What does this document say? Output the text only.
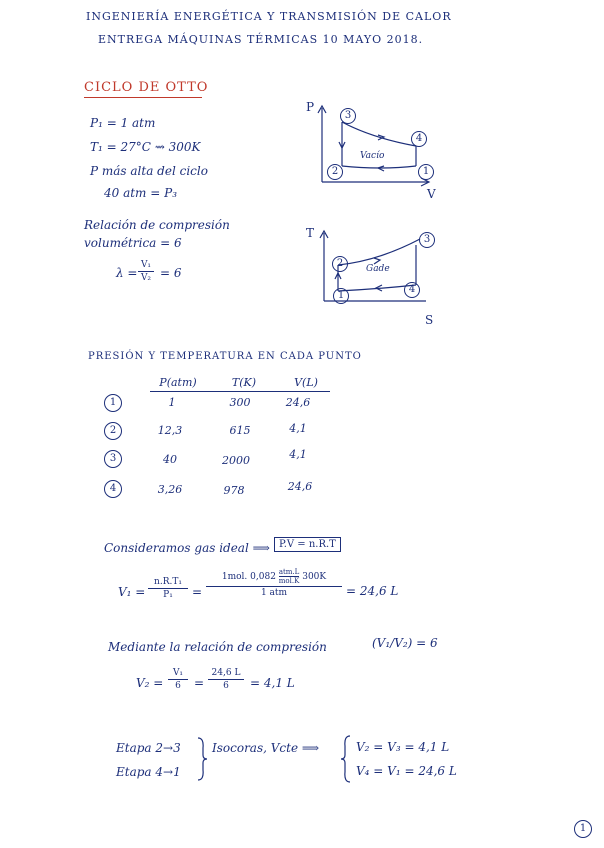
INGENIERÍA ENERGÉTICA Y TRANSMISIÓN DE CALOR
ENTREGA MÁQUINAS TÉRMICAS 10 MAYO 2018.
CICLO DE OTTO
P₁ = 1 atm
T₁ = 27°C ⇝ 300K
P más alta del ciclo
40 atm = P₃
Relación de compresión
volumétrica = 6
λ =
V₁
V₂ = 6
P
V
Vacío
3
4
2	1
T
S
Gade
3
2
4
1
PRESIÓN Y TEMPERATURA EN CADA PUNTO
P(atm)	T(K)	V(L)
1	1	300	24,6
2	12,3	615	4,1
3	40	2000	4,1
4	3,26	978	24,6
Consideramos gas ideal ⟹ P.V = n.R.T
V₁ =
n.R.T₁
P₁	=
1mol. 0,082 atm.L
mol.K 300K
1 atm	= 24,6 L
Mediante la relación de compresión	(V₁/V₂) = 6
V₂ =
V₁
6	=
24,6 L
6	= 4,1 L
Etapa 2→3
Etapa 4→1
Isocoras, Vcte ⟹	V₂ = V₃ = 4,1 L
V₄ = V₁ = 24,6 L
1
